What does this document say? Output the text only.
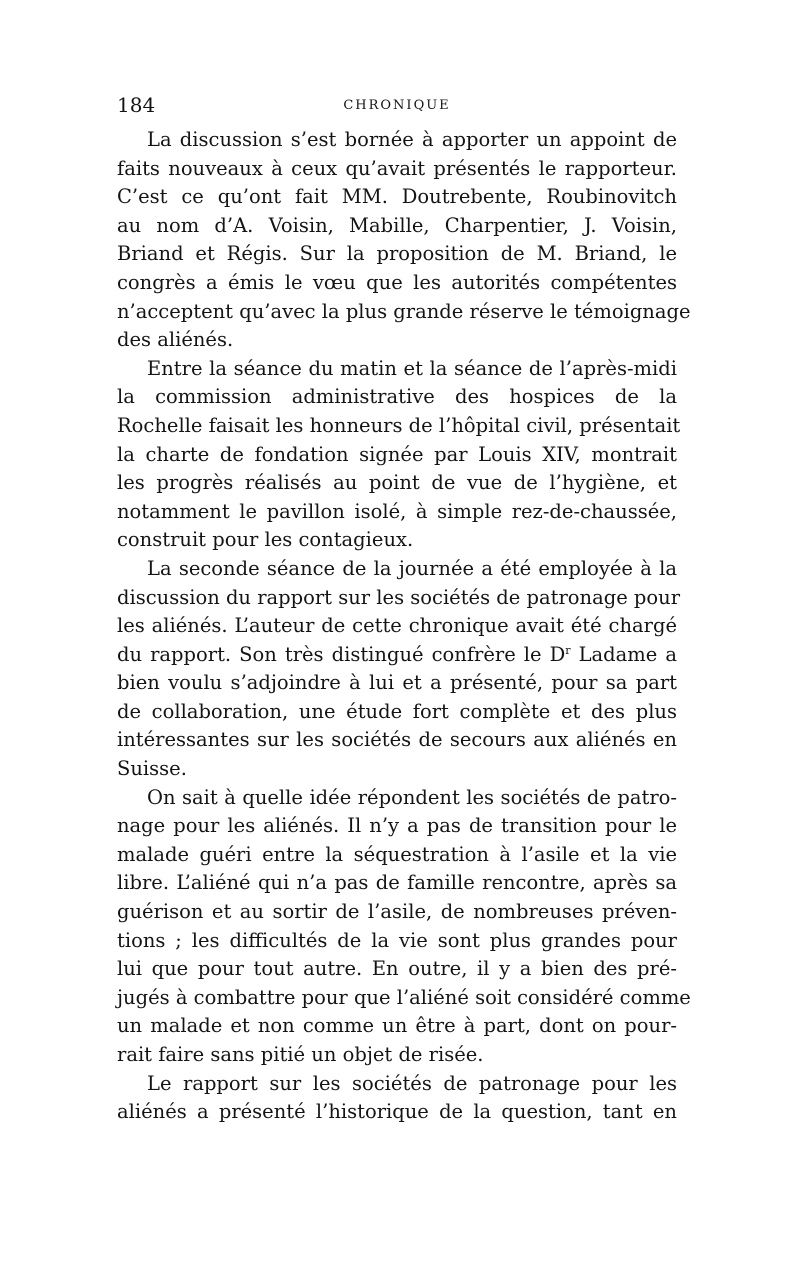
184	CHRONIQUE
La discussion s’est bornée à apporter un appoint de
faits nouveaux à ceux qu’avait présentés le rapporteur.
C’est ce qu’ont fait MM. Doutrebente, Roubinovitch
au nom d’A. Voisin, Mabille, Charpentier, J. Voisin,
Briand et Régis. Sur la proposition de M. Briand, le
congrès a émis le vœu que les autorités compétentes
n’acceptent qu’avec la plus grande réserve le témoignage
des aliénés.
Entre la séance du matin et la séance de l’après-midi
la commission administrative des hospices de la
Rochelle faisait les honneurs de l’hôpital civil, présentait
la charte de fondation signée par Louis XIV, montrait
les progrès réalisés au point de vue de l’hygiène, et
notamment le pavillon isolé, à simple rez-de-chaussée,
construit pour les contagieux.
La seconde séance de la journée a été employée à la
discussion du rapport sur les sociétés de patronage pour
les aliénés. L’auteur de cette chronique avait été chargé
du rapport. Son très distingué confrère le $D^r$ Ladame a
bien voulu s’adjoindre à lui et a présenté, pour sa part
de collaboration, une étude fort complète et des plus
intéressantes sur les sociétés de secours aux aliénés en
Suisse.
On sait à quelle idée répondent les sociétés de patro-
nage pour les aliénés. Il n’y a pas de transition pour le
malade guéri entre la séquestration à l’asile et la vie
libre. L’aliéné qui n’a pas de famille rencontre, après sa
guérison et au sortir de l’asile, de nombreuses préven-
tions ; les difficultés de la vie sont plus grandes pour
lui que pour tout autre. En outre, il y a bien des pré-
jugés à combattre pour que l’aliéné soit considéré comme
un malade et non comme un être à part, dont on pour-
rait faire sans pitié un objet de risée.
Le rapport sur les sociétés de patronage pour les
aliénés a présenté l’historique de la question, tant en
